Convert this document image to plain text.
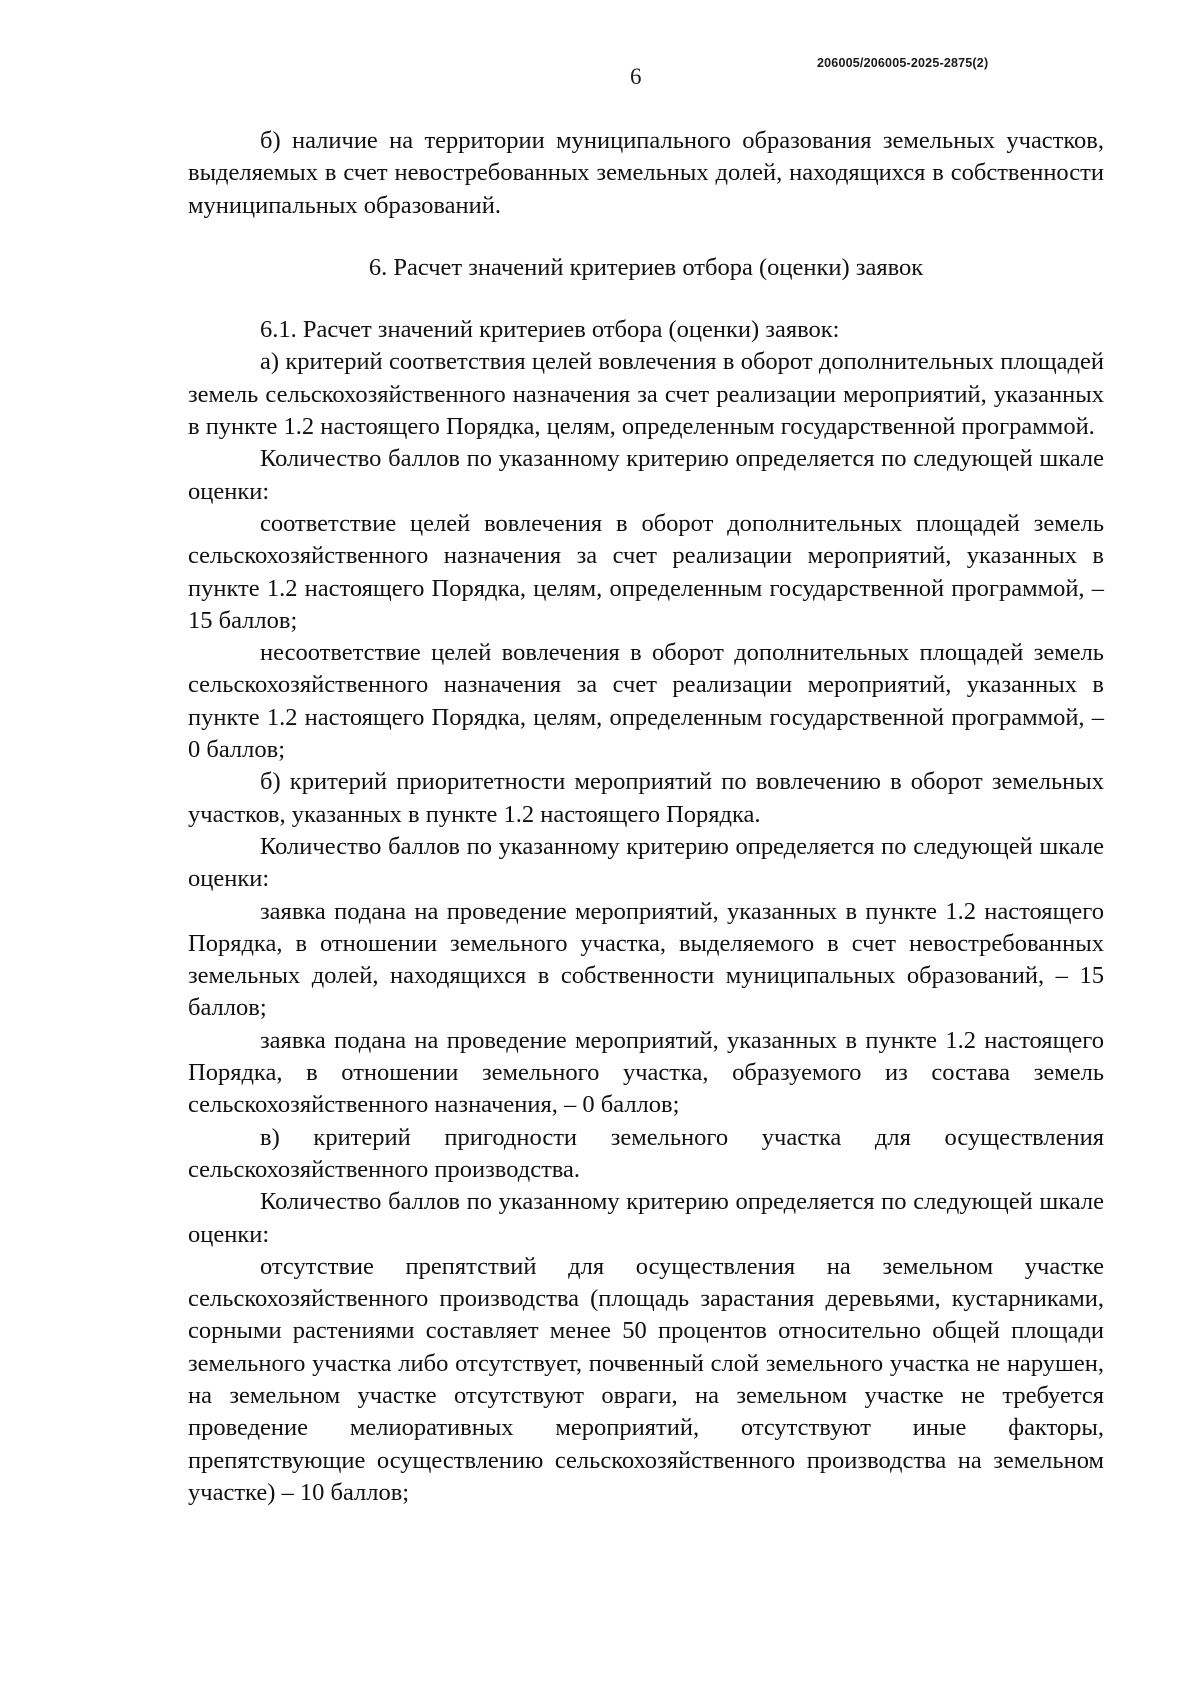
206005/206005-2025-2875(2)
6

б) наличие на территории муниципального образования земельных участков, выделяемых в счет невостребованных земельных долей, находящихся в собственности муниципальных образований.

6. Расчет значений критериев отбора (оценки) заявок

6.1. Расчет значений критериев отбора (оценки) заявок:

а) критерий соответствия целей вовлечения в оборот дополнительных площадей земель сельскохозяйственного назначения за счет реализации мероприятий, указанных в пункте 1.2 настоящего Порядка, целям, определенным государственной программой.

Количество баллов по указанному критерию определяется по следующей шкале оценки:

соответствие целей вовлечения в оборот дополнительных площадей земель сельскохозяйственного назначения за счет реализации мероприятий, указанных в пункте 1.2 настоящего Порядка, целям, определенным государственной программой, – 15 баллов;

несоответствие целей вовлечения в оборот дополнительных площадей земель сельскохозяйственного назначения за счет реализации мероприятий, указанных в пункте 1.2 настоящего Порядка, целям, определенным государственной программой, – 0 баллов;

б) критерий приоритетности мероприятий по вовлечению в оборот земельных участков, указанных в пункте 1.2 настоящего Порядка.

Количество баллов по указанному критерию определяется по следующей шкале оценки:

заявка подана на проведение мероприятий, указанных в пункте 1.2 настоящего Порядка, в отношении земельного участка, выделяемого в счет невостребованных земельных долей, находящихся в собственности муниципальных образований, – 15 баллов;

заявка подана на проведение мероприятий, указанных в пункте 1.2 настоящего Порядка, в отношении земельного участка, образуемого из состава земель сельскохозяйственного назначения, – 0 баллов;

в) критерий пригодности земельного участка для осуществления сельскохозяйственного производства.

Количество баллов по указанному критерию определяется по следующей шкале оценки:

отсутствие препятствий для осуществления на земельном участке сельскохозяйственного производства (площадь зарастания деревьями, кустарниками, сорными растениями составляет менее 50 процентов относительно общей площади земельного участка либо отсутствует, почвенный слой земельного участка не нарушен, на земельном участке отсутствуют овраги, на земельном участке не требуется проведение мелиоративных мероприятий, отсутствуют иные факторы, препятствующие осуществлению сельскохозяйственного производства на земельном участке) – 10 баллов;
